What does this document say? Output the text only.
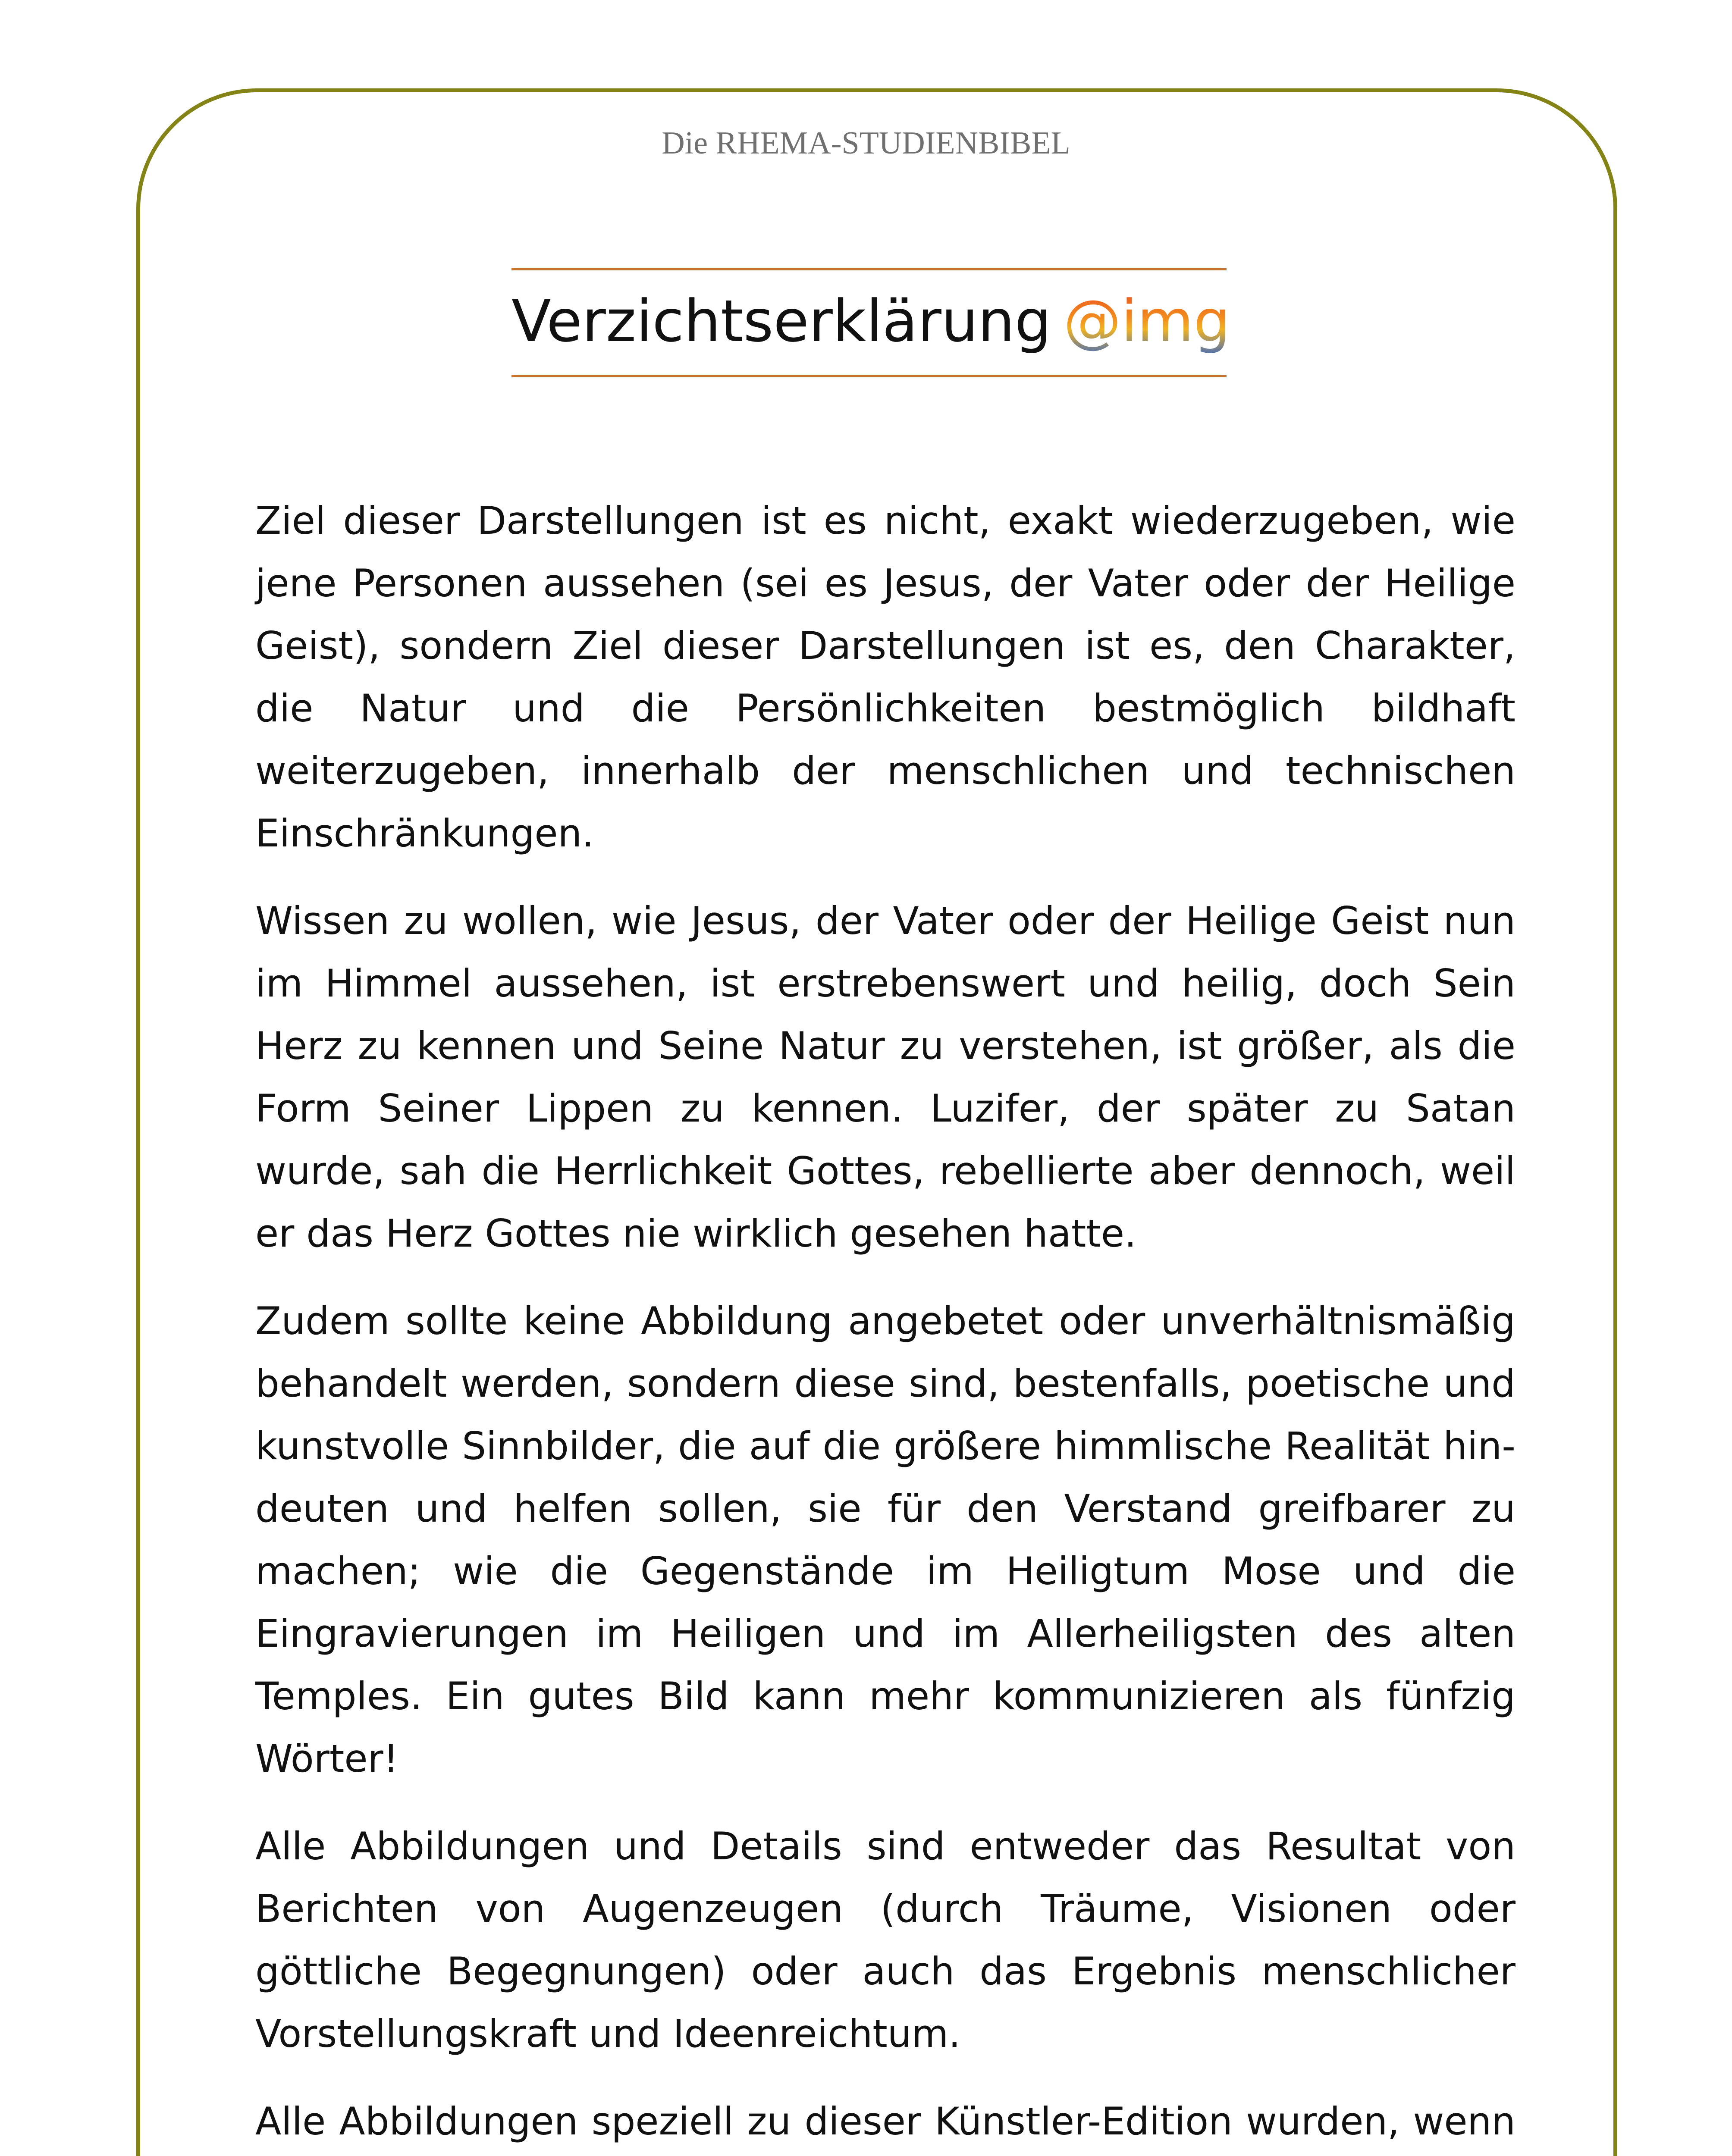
Die RHEMA-STUDIENBIBEL
Verzichtserklärung @img

Ziel dieser Darstellungen ist es nicht, exakt wiederzugeben, wie jene Personen aussehen (sei es Jesus, der Vater oder der Heilige Geist), sondern Ziel dieser Darstellungen ist es, den Charakter, die Natur und die Persönlichkeiten bestmöglich bildhaft weiterzugeben, innerhalb der menschlichen und technischen Einschränkungen.

Wissen zu wollen, wie Jesus, der Vater oder der Heilige Geist nun im Himmel aussehen, ist erstrebenswert und heilig, doch Sein Herz zu kennen und Seine Natur zu verstehen, ist größer, als die Form Seiner Lippen zu kennen. Luzifer, der später zu Satan wurde, sah die Herrlichkeit Gottes, rebellierte aber dennoch, weil er das Herz Gottes nie wirklich gesehen hatte.

Zudem sollte keine Abbildung angebetet oder unverhältnismäßig behandelt werden, sondern diese sind, bestenfalls, poetische und kunstvolle Sinnbilder, die auf die größere himmlische Realität hindeuten und helfen sollen, sie für den Verstand greifbarer zu machen; wie die Gegenstände im Heiligtum Mose und die Eingravierungen im Heiligen und im Allerheiligsten des alten Temples. Ein gutes Bild kann mehr kommunizieren als fünfzig Wörter!

Alle Abbildungen und Details sind entweder das Resultat von Berichten von Augenzeugen (durch Träume, Visionen oder göttliche Begegnungen) oder auch das Ergebnis menschlicher Vorstellungskraft und Ideenreichtum.

Alle Abbildungen speziell zu dieser Künstler-Edition wurden, wenn
